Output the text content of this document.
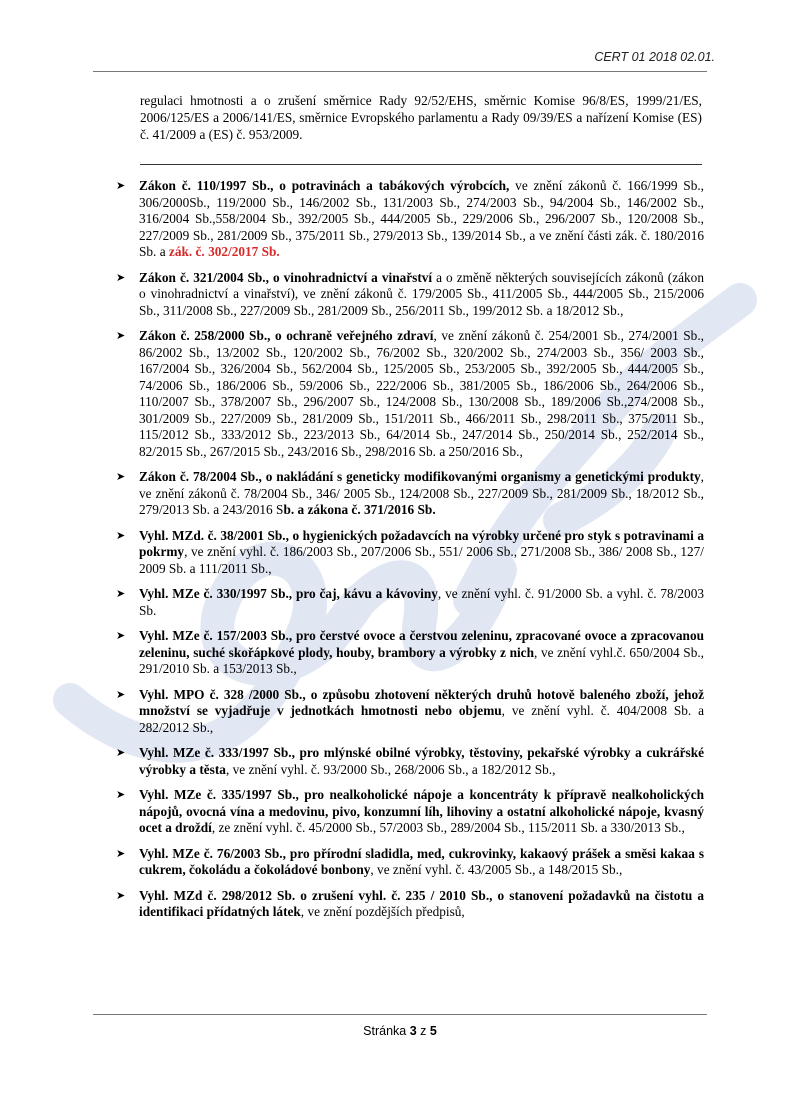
CERT 01 2018 02.01.
regulaci hmotnosti a o zrušení směrnice Rady 92/52/EHS, směrnic Komise 96/8/ES, 1999/21/ES, 2006/125/ES a 2006/141/ES, směrnice Evropského parlamentu a Rady 09/39/ES a nařízení Komise (ES) č. 41/2009 a (ES) č. 953/2009.
➤ Zákon č. 110/1997 Sb., o potravinách a tabákových výrobcích, ve znění zákonů č. 166/1999 Sb., 306/2000Sb., 119/2000 Sb., 146/2002 Sb., 131/2003 Sb., 274/2003 Sb., 94/2004 Sb., 146/2002 Sb., 316/2004 Sb.,558/2004 Sb., 392/2005 Sb., 444/2005 Sb., 229/2006 Sb., 296/2007 Sb., 120/2008 Sb., 227/2009 Sb., 281/2009 Sb., 375/2011 Sb., 279/2013 Sb., 139/2014 Sb., a ve znění části zák. č. 180/2016 Sb. a zák. č. 302/2017 Sb.
➤ Zákon č. 321/2004 Sb., o vinohradnictví a vinařství a o změně některých souvisejících zákonů (zákon o vinohradnictví a vinařství), ve znění zákonů č. 179/2005 Sb., 411/2005 Sb., 444/2005 Sb., 215/2006 Sb., 311/2008 Sb., 227/2009 Sb., 281/2009 Sb., 256/2011 Sb., 199/2012 Sb. a 18/2012 Sb.,
➤ Zákon č. 258/2000 Sb., o ochraně veřejného zdraví, ve znění zákonů č. 254/2001 Sb., 274/2001 Sb., 86/2002 Sb., 13/2002 Sb., 120/2002 Sb., 76/2002 Sb., 320/2002 Sb., 274/2003 Sb., 356/ 2003 Sb., 167/2004 Sb., 326/2004 Sb., 562/2004 Sb., 125/2005 Sb., 253/2005 Sb., 392/2005 Sb., 444/2005 Sb., 74/2006 Sb., 186/2006 Sb., 59/2006 Sb., 222/2006 Sb., 381/2005 Sb., 186/2006 Sb., 264/2006 Sb., 110/2007 Sb., 378/2007 Sb., 296/2007 Sb., 124/2008 Sb., 130/2008 Sb., 189/2006 Sb.,274/2008 Sb., 301/2009 Sb., 227/2009 Sb., 281/2009 Sb., 151/2011 Sb., 466/2011 Sb., 298/2011 Sb., 375/2011 Sb., 115/2012 Sb., 333/2012 Sb., 223/2013 Sb., 64/2014 Sb., 247/2014 Sb., 250/2014 Sb., 252/2014 Sb., 82/2015 Sb., 267/2015 Sb., 243/2016 Sb., 298/2016 Sb. a 250/2016 Sb.,
➤ Zákon č. 78/2004 Sb., o nakládání s geneticky modifikovanými organismy a genetickými produkty, ve znění zákonů č. 78/2004 Sb., 346/ 2005 Sb., 124/2008 Sb., 227/2009 Sb., 281/2009 Sb., 18/2012 Sb., 279/2013 Sb. a 243/2016 Sb. a zákona č. 371/2016 Sb.
➤ Vyhl. MZd. č. 38/2001 Sb., o hygienických požadavcích na výrobky určené pro styk s potravinami a pokrmy, ve znění vyhl. č. 186/2003 Sb., 207/2006 Sb., 551/ 2006 Sb., 271/2008 Sb., 386/ 2008 Sb., 127/ 2009 Sb. a 111/2011 Sb.,
➤ Vyhl. MZe č. 330/1997 Sb., pro čaj, kávu a kávoviny, ve znění vyhl. č. 91/2000 Sb. a vyhl. č. 78/2003 Sb.
➤ Vyhl. MZe č. 157/2003 Sb., pro čerstvé ovoce a čerstvou zeleninu, zpracované ovoce a zpracovanou zeleninu, suché skořápkové plody, houby, brambory a výrobky z nich, ve znění vyhl.č. 650/2004 Sb., 291/2010 Sb. a 153/2013 Sb.,
➤ Vyhl. MPO č. 328 /2000 Sb., o způsobu zhotovení některých druhů hotově baleného zboží, jehož množství se vyjadřuje v jednotkách hmotnosti nebo objemu, ve znění vyhl. č. 404/2008 Sb. a 282/2012 Sb.,
➤ Vyhl. MZe č. 333/1997 Sb., pro mlýnské obilné výrobky, těstoviny, pekařské výrobky a cukrářské výrobky a těsta, ve znění vyhl. č. 93/2000 Sb., 268/2006 Sb., a 182/2012 Sb.,
➤ Vyhl. MZe č. 335/1997 Sb., pro nealkoholické nápoje a koncentráty k přípravě nealkoholických nápojů, ovocná vína a medovinu, pivo, konzumní líh, lihoviny a ostatní alkoholické nápoje, kvasný ocet a droždí, ze znění vyhl. č. 45/2000 Sb., 57/2003 Sb., 289/2004 Sb., 115/2011 Sb. a 330/2013 Sb.,
➤ Vyhl. MZe č. 76/2003 Sb., pro přírodní sladidla, med, cukrovinky, kakaový prášek a směsi kakaa s cukrem, čokoládu a čokoládové bonbony, ve znění vyhl. č. 43/2005 Sb., a 148/2015 Sb.,
➤ Vyhl. MZd č. 298/2012 Sb. o zrušení vyhl. č. 235 / 2010 Sb., o stanovení požadavků na čistotu a identifikaci přídatných látek, ve znění pozdějších předpisů,
Stránka 3 z 5
